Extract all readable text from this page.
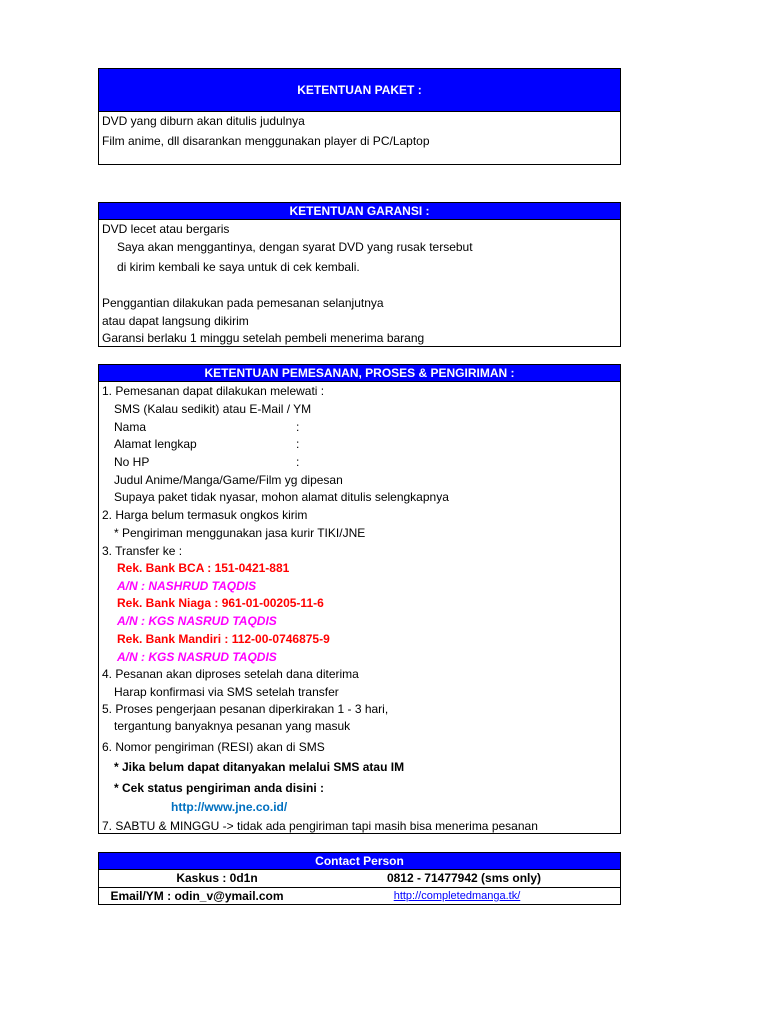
KETENTUAN PAKET :
DVD yang diburn akan ditulis judulnya
Film anime, dll disarankan menggunakan player di PC/Laptop
KETENTUAN GARANSI :
DVD lecet atau bergaris
Saya akan menggantinya, dengan syarat DVD yang rusak tersebut
di kirim kembali ke saya untuk di cek kembali.
Penggantian dilakukan pada pemesanan selanjutnya
atau dapat langsung dikirim
Garansi berlaku 1 minggu setelah pembeli menerima barang
KETENTUAN PEMESANAN, PROSES & PENGIRIMAN :
1. Pemesanan dapat dilakukan melewati :
SMS (Kalau sedikit) atau E-Mail / YM
Nama	:
Alamat lengkap	:
No HP	:
Judul Anime/Manga/Game/Film yg dipesan
Supaya paket tidak nyasar, mohon alamat ditulis selengkapnya
2. Harga belum termasuk ongkos kirim
* Pengiriman menggunakan jasa kurir TIKI/JNE
3. Transfer ke :
Rek. Bank BCA : 151-0421-881
A/N : NASHRUD TAQDIS
Rek. Bank Niaga : 961-01-00205-11-6
A/N : KGS NASRUD TAQDIS
Rek. Bank Mandiri : 112-00-0746875-9
A/N : KGS NASRUD TAQDIS
4. Pesanan akan diproses setelah dana diterima
Harap konfirmasi via SMS setelah transfer
5. Proses pengerjaan pesanan diperkirakan 1 - 3 hari,
tergantung banyaknya pesanan yang masuk
6. Nomor pengiriman (RESI) akan di SMS
* Jika belum dapat ditanyakan melalui SMS atau IM
* Cek status pengiriman anda disini :
http://www.jne.co.id/
7. SABTU & MINGGU -> tidak ada pengiriman tapi masih bisa menerima pesanan
Contact Person
Kaskus : 0d1n	0812 - 71477942 (sms only)
Email/YM : odin_v@ymail.com	http://completedmanga.tk/
